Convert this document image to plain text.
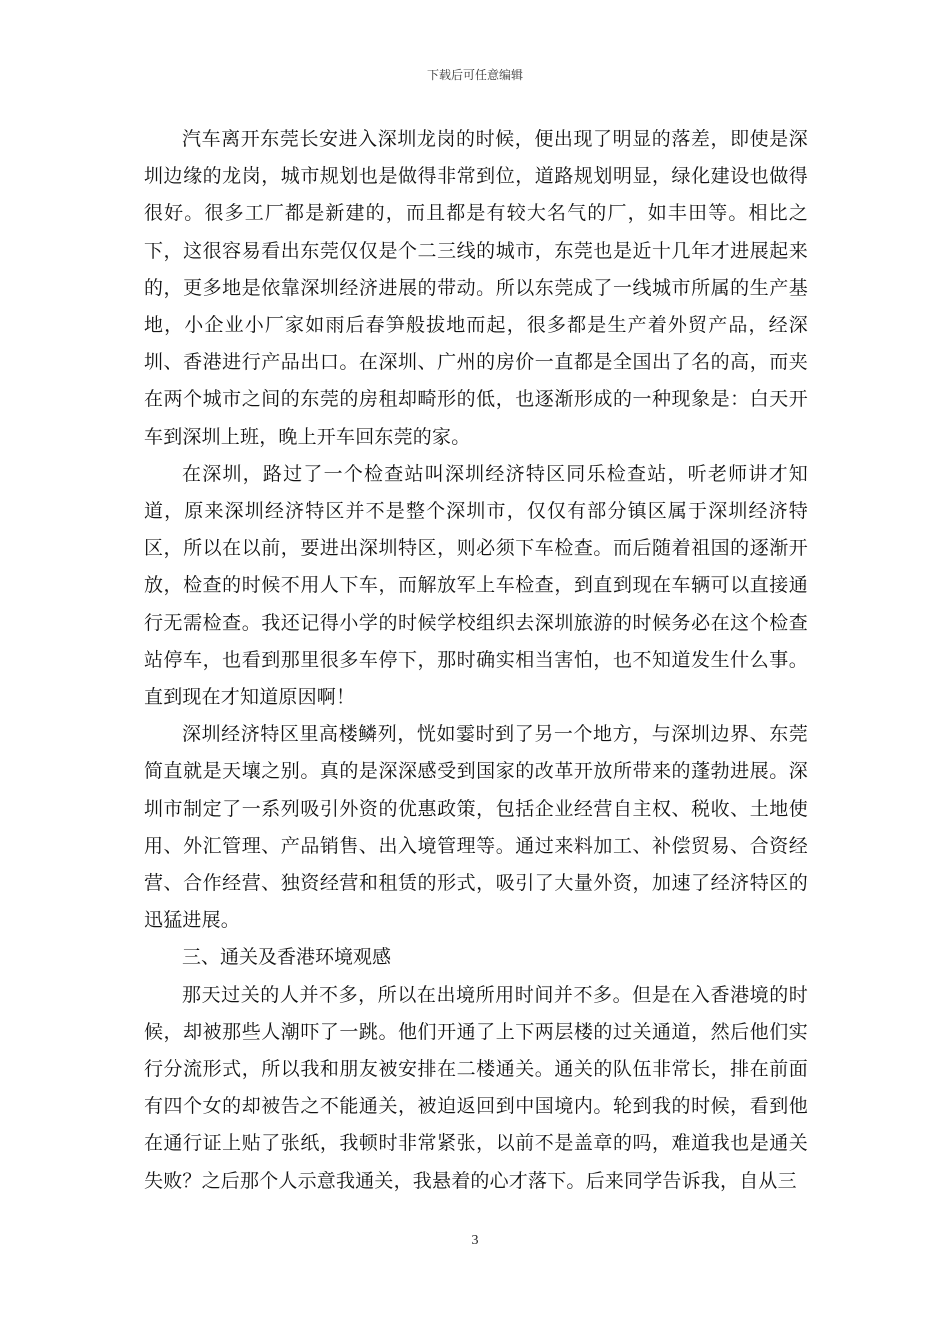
下载后可任意编辑

汽车离开东莞长安进入深圳龙岗的时候，便出现了明显的落差，即使是深圳边缘的龙岗，城市规划也是做得非常到位，道路规划明显，绿化建设也做得很好。很多工厂都是新建的，而且都是有较大名气的厂，如丰田等。相比之下，这很容易看出东莞仅仅是个二三线的城市，东莞也是近十几年才进展起来的，更多地是依靠深圳经济进展的带动。所以东莞成了一线城市所属的生产基地，小企业小厂家如雨后春笋般拔地而起，很多都是生产着外贸产品，经深圳、香港进行产品出口。在深圳、广州的房价一直都是全国出了名的高，而夹在两个城市之间的东莞的房租却畸形的低，也逐渐形成的一种现象是：白天开车到深圳上班，晚上开车回东莞的家。

在深圳，路过了一个检查站叫深圳经济特区同乐检查站，听老师讲才知道，原来深圳经济特区并不是整个深圳市，仅仅有部分镇区属于深圳经济特区，所以在以前，要进出深圳特区，则必须下车检查。而后随着祖国的逐渐开放，检查的时候不用人下车，而解放军上车检查，到直到现在车辆可以直接通行无需检查。我还记得小学的时候学校组织去深圳旅游的时候务必在这个检查站停车，也看到那里很多车停下，那时确实相当害怕，也不知道发生什么事。直到现在才知道原因啊！

深圳经济特区里高楼鳞列，恍如霎时到了另一个地方，与深圳边界、东莞简直就是天壤之别。真的是深深感受到国家的改革开放所带来的蓬勃进展。深圳市制定了一系列吸引外资的优惠政策，包括企业经营自主权、税收、土地使用、外汇管理、产品销售、出入境管理等。通过来料加工、补偿贸易、合资经营、合作经营、独资经营和租赁的形式，吸引了大量外资，加速了经济特区的迅猛进展。

三、通关及香港环境观感

那天过关的人并不多，所以在出境所用时间并不多。但是在入香港境的时候，却被那些人潮吓了一跳。他们开通了上下两层楼的过关通道，然后他们实行分流形式，所以我和朋友被安排在二楼通关。通关的队伍非常长，排在前面有四个女的却被告之不能通关，被迫返回到中国境内。轮到我的时候，看到他在通行证上贴了张纸，我顿时非常紧张，以前不是盖章的吗，难道我也是通关失败？之后那个人示意我通关，我悬着的心才落下。后来同学告诉我，自从三

3
